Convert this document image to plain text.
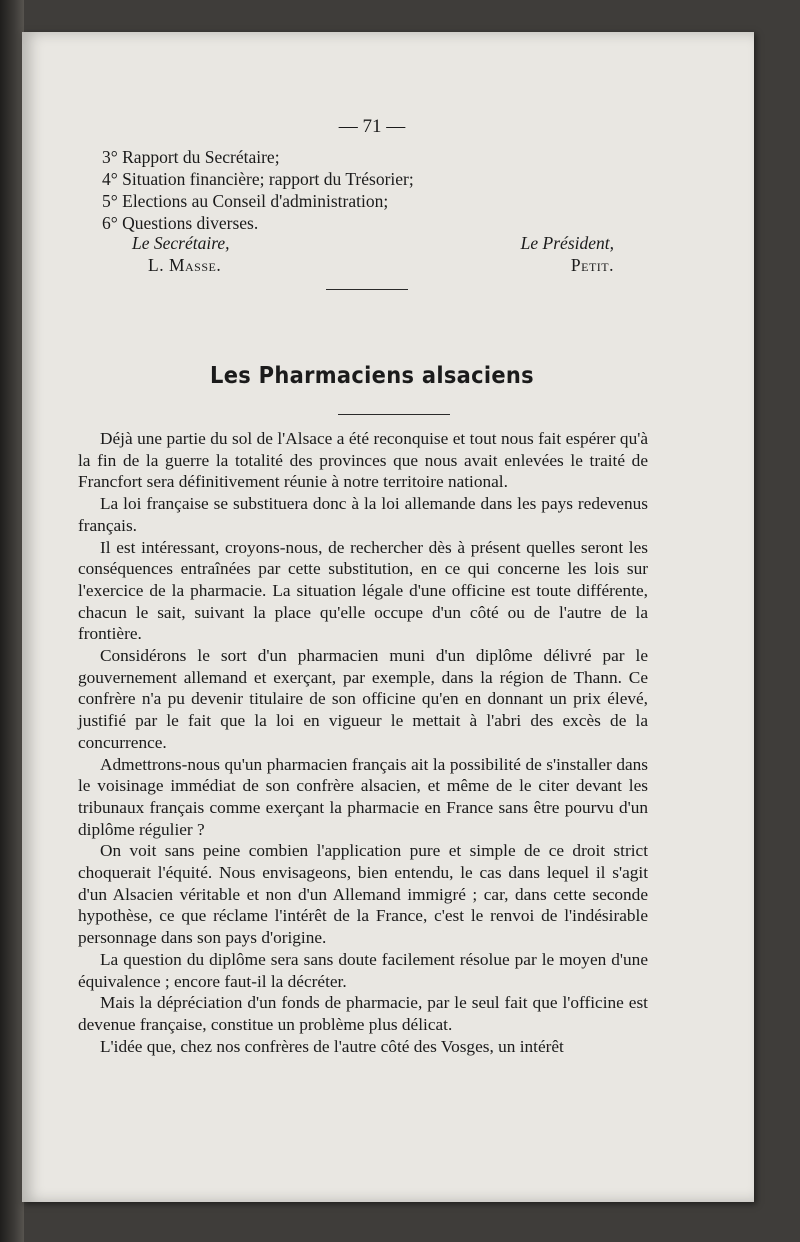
— 71 —
3° Rapport du Secrétaire;
4° Situation financière; rapport du Trésorier;
5° Elections au Conseil d'administration;
6° Questions diverses.
Le Secrétaire,
L. Masse.
Le Président,
Petit.
Les Pharmaciens alsaciens

Déjà une partie du sol de l'Alsace a été reconquise et tout nous fait espérer qu'à la fin de la guerre la totalité des provinces que nous avait enlevées le traité de Francfort sera définitivement réunie à notre territoire national.

La loi française se substituera donc à la loi allemande dans les pays redevenus français.

Il est intéressant, croyons-nous, de rechercher dès à présent quelles seront les conséquences entraînées par cette substitution, en ce qui concerne les lois sur l'exercice de la pharmacie. La situation légale d'une officine est toute différente, chacun le sait, suivant la place qu'elle occupe d'un côté ou de l'autre de la frontière.

Considérons le sort d'un pharmacien muni d'un diplôme délivré par le gouvernement allemand et exerçant, par exemple, dans la région de Thann. Ce confrère n'a pu devenir titulaire de son officine qu'en en donnant un prix élevé, justifié par le fait que la loi en vigueur le mettait à l'abri des excès de la concurrence.

Admettrons-nous qu'un pharmacien français ait la possibilité de s'installer dans le voisinage immédiat de son confrère alsacien, et même de le citer devant les tribunaux français comme exerçant la pharmacie en France sans être pourvu d'un diplôme régulier ?

On voit sans peine combien l'application pure et simple de ce droit strict choquerait l'équité. Nous envisageons, bien entendu, le cas dans lequel il s'agit d'un Alsacien véritable et non d'un Allemand immigré ; car, dans cette seconde hypothèse, ce que réclame l'intérêt de la France, c'est le renvoi de l'indésirable personnage dans son pays d'origine.

La question du diplôme sera sans doute facilement résolue par le moyen d'une équivalence ; encore faut-il la décréter.

Mais la dépréciation d'un fonds de pharmacie, par le seul fait que l'officine est devenue française, constitue un problème plus délicat.

L'idée que, chez nos confrères de l'autre côté des Vosges, un intérêt
